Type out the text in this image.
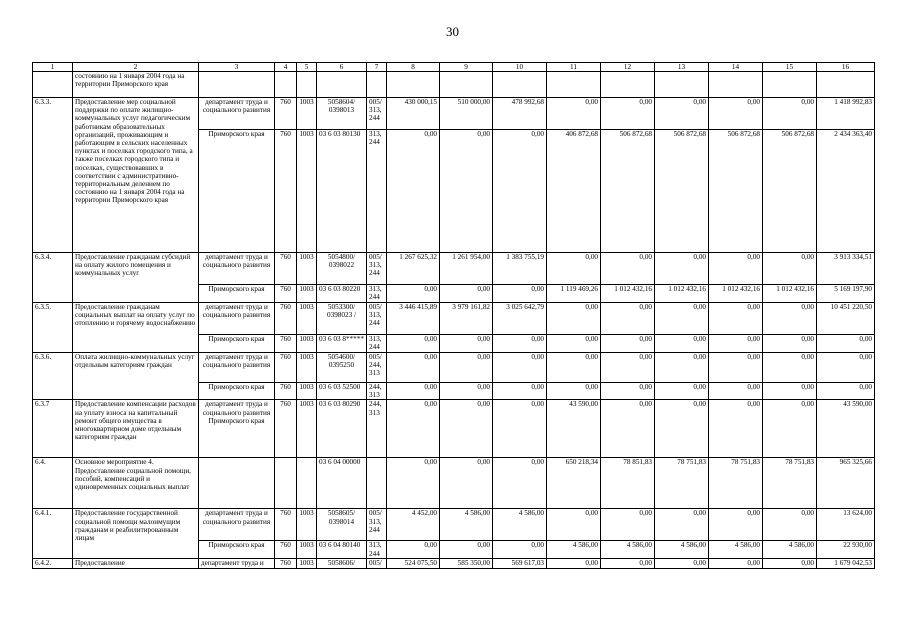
30
1	2	3	4	5	6	7	8	9	10	11	12	13	14	15	16
	состоянию на 1 января 2004 года на территории Приморского края														
6.3.3.	Предоставление мер социальной поддержки по оплате жилищно-коммунальных услуг педагогическим работникам образовательных организаций, проживающим и работающим в сельских населенных пунктах и поселках городского типа, а также поселках городского типа и поселках, существовавших в соответствии с административно-территориальным делением по состоянию на 1 января 2004 года на территории Приморского края	департамент труда и социального развития	760	1003	5058604/ 0398013	005/ 313, 244	430 000,15	510 000,00	478 992,68	0,00	0,00	0,00	0,00	0,00	1 418 992,83
		Приморского края	760	1003	03 6 03 80130	313, 244	0,00	0,00	0,00	406 872,68	506 872,68	506 872,68	506 872,68	506 872,68	2 434 363,40
6.3.4.	Предоставление гражданам субсидий на оплату жилого помещения и коммунальных услуг	департамент труда и социального развития	760	1003	5054800/ 0398022	005/ 313, 244	1 267 625,32	1 261 954,00	1 383 755,19	0,00	0,00	0,00	0,00	0,00	3 913 334,51
		Приморского края	760	1003	03 6 03 80220	313, 244	0,00	0,00	0,00	1 119 469,26	1 012 432,16	1 012 432,16	1 012 432,16	1 012 432,16	5 169 197,90
6.3.5.	Предоставление гражданам социальных выплат на оплату услуг по отоплению и горячему водоснабжению	департамент труда и социального развития	760	1003	5053300/ 0398023 /	005/ 313, 244	3 446 415,89	3 979 161,82	3 025 642,79	0,00	0,00	0,00	0,00	0,00	10 451 220,50
		Приморского края	760	1003	03 6 03 8*****	313, 244	0,00	0,00	0,00	0,00	0,00	0,00	0,00	0,00	0,00
6.3.6.	Оплата жилищно-коммунальных услуг отдельным категориям граждан	департамент труда и социального развития	760	1003	5054600/ 0395250	005/ 244, 313	0,00	0,00	0,00	0,00	0,00	0,00	0,00	0,00	0,00
		Приморского края	760	1003	03 6 03 52500	244, 313	0,00	0,00	0,00	0,00	0,00	0,00	0,00	0,00	0,00
6.3.7	Предоставление компенсации расходов на уплату взноса на капитальный ремонт общего имущества в многоквартирном доме отдельным категориям граждан	департамент труда и социального развития Приморского края	760	1003	03 6 03 80290	244, 313	0,00	0,00	0,00	43 590,00	0,00	0,00	0,00	0,00	43 590,00
6.4.	Основное мероприятие 4. Предоставление социальной помощи, пособий, компенсаций и единовременных социальных выплат				03 6 04 00000		0,00	0,00	0,00	650 218,34	78 851,83	78 751,83	78 751,83	78 751,83	965 325,66
6.4.1.	Предоставление государственной социальной помощи малоимущим гражданам и реабилитированным лицам	департамент труда и социального развития	760	1003	5058605/ 0398014	005/ 313, 244	4 452,00	4 586,00	4 586,00	0,00	0,00	0,00	0,00	0,00	13 624,00
		Приморского края	760	1003	03 6 04 80140	313, 244	0,00	0,00	0,00	4 586,00	4 586,00	4 586,00	4 586,00	4 586,00	22 930,00
6.4.2.	Предоставление	департамент труда и	760	1003	5058606/	005/	524 075,50	585 350,00	569 617,03	0,00	0,00	0,00	0,00	0,00	1 679 042,53
